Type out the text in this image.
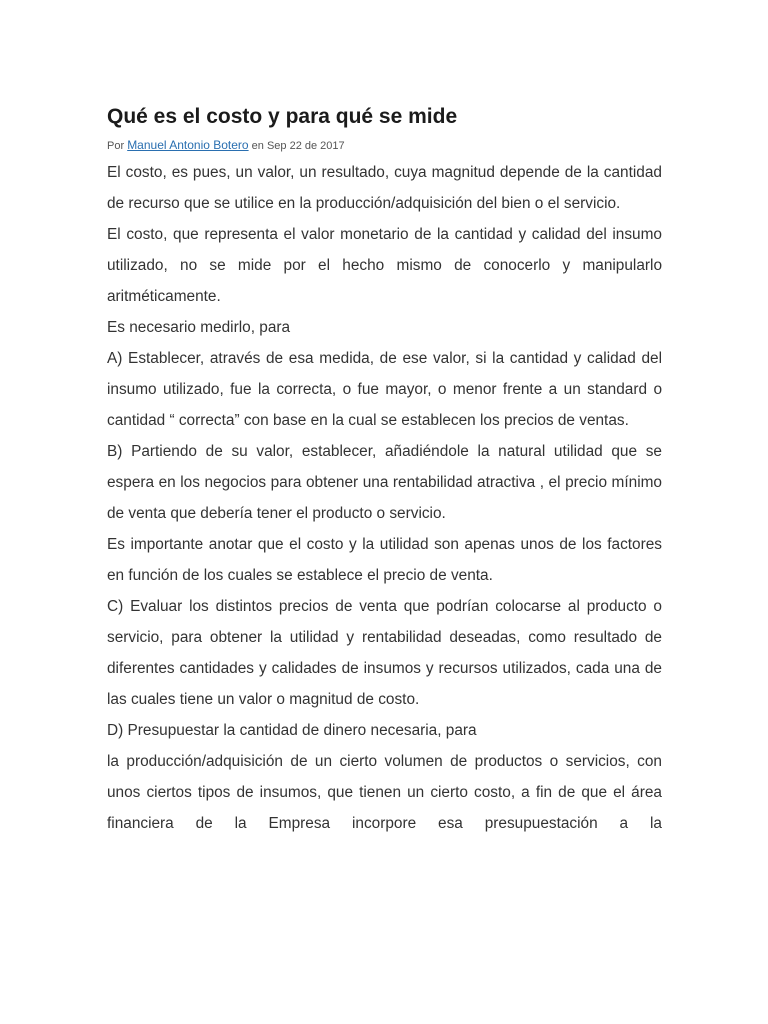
Qué es el costo y para qué se mide
Por Manuel Antonio Botero en Sep 22 de 2017

El costo, es pues, un valor, un resultado, cuya magnitud depende de la cantidad de recurso que se utilice en la producción/adquisición del bien o el servicio.

El costo, que representa el valor monetario de la cantidad y calidad del insumo utilizado, no se mide por el hecho mismo de conocerlo y manipularlo aritméticamente.

Es necesario medirlo, para

A) Establecer, através de esa medida, de ese valor, si la cantidad y calidad del insumo utilizado, fue la correcta, o fue mayor, o menor frente a un standard o cantidad “ correcta” con base en la cual se establecen los precios de ventas.

B) Partiendo de su valor, establecer, añadiéndole la natural utilidad que se espera en los negocios para obtener una rentabilidad atractiva , el precio mínimo de venta que debería tener el producto o servicio.

Es importante anotar que el costo y la utilidad son apenas unos de los factores en función de los cuales se establece el precio de venta.

C) Evaluar los distintos precios de venta que podrían colocarse al producto o servicio, para obtener la utilidad y rentabilidad deseadas, como resultado de diferentes cantidades y calidades de insumos y recursos utilizados, cada una de las cuales tiene un valor o magnitud de costo.

D) Presupuestar la cantidad de dinero necesaria, para

la producción/adquisición de un cierto volumen de productos o servicios, con unos ciertos tipos de insumos, que tienen un cierto costo, a fin de que el área financiera de la Empresa incorpore esa presupuestación a la
